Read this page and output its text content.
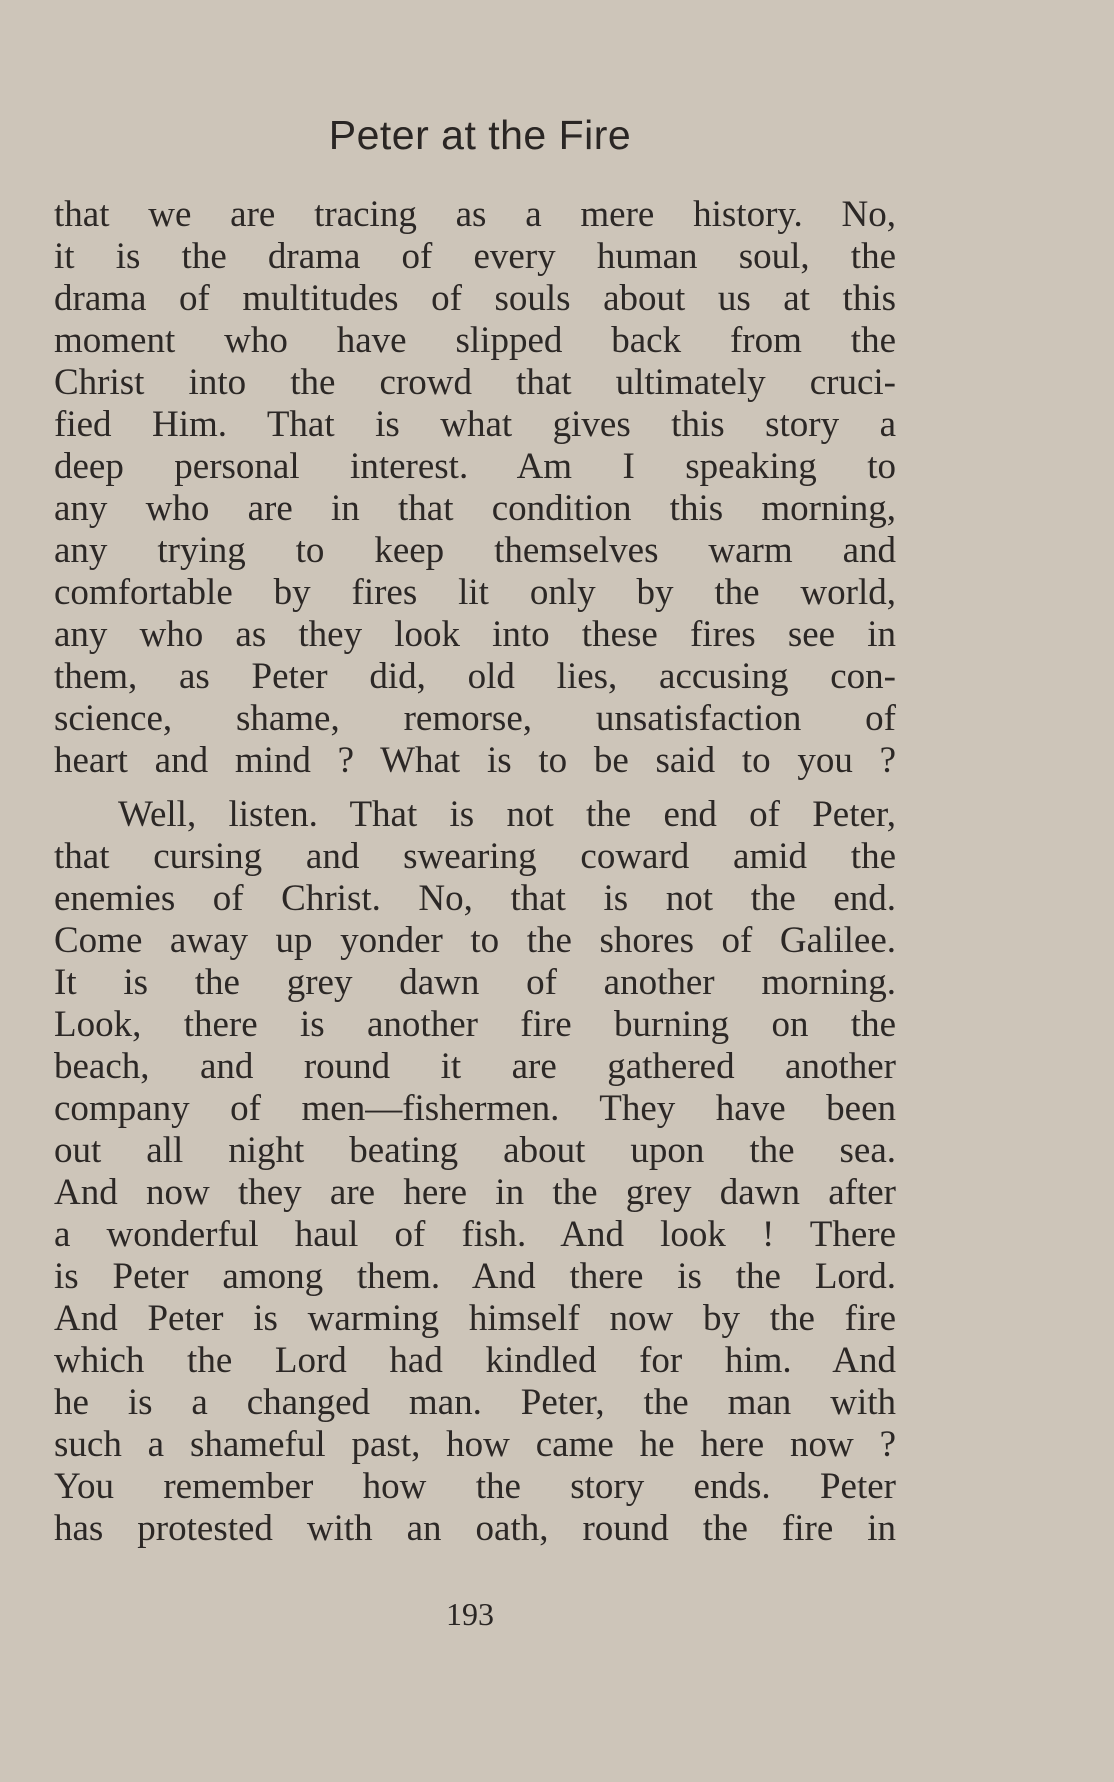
Peter at the Fire
that we are tracing as a mere history. No,
it is the drama of every human soul, the
drama of multitudes of souls about us at this
moment who have slipped back from the
Christ into the crowd that ultimately cruci-
fied Him. That is what gives this story a
deep personal interest. Am I speaking to
any who are in that condition this morning,
any trying to keep themselves warm and
comfortable by fires lit only by the world,
any who as they look into these fires see in
them, as Peter did, old lies, accusing con-
science, shame, remorse, unsatisfaction of
heart and mind ? What is to be said to you ?
Well, listen. That is not the end of Peter,
that cursing and swearing coward amid the
enemies of Christ. No, that is not the end.
Come away up yonder to the shores of Galilee.
It is the grey dawn of another morning.
Look, there is another fire burning on the
beach, and round it are gathered another
company of men—fishermen. They have been
out all night beating about upon the sea.
And now they are here in the grey dawn after
a wonderful haul of fish. And look ! There
is Peter among them. And there is the Lord.
And Peter is warming himself now by the fire
which the Lord had kindled for him. And
he is a changed man. Peter, the man with
such a shameful past, how came he here now ?
You remember how the story ends. Peter
has protested with an oath, round the fire in
193
